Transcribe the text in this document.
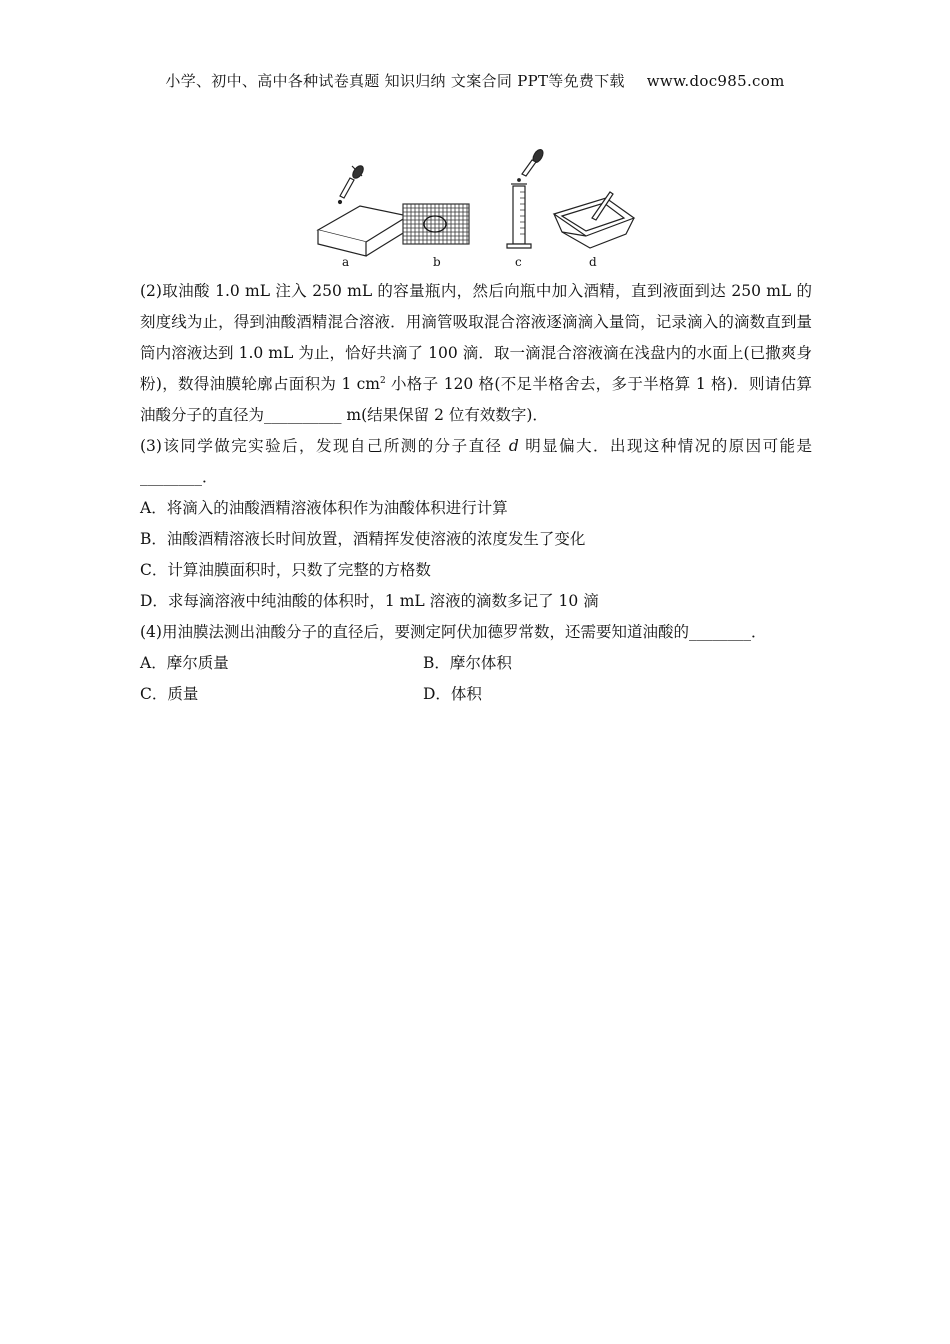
小学、初中、高中各种试卷真题 知识归纳 文案合同 PPT等免费下载 www.doc985.com
a	b	c	d

(2)取油酸 1.0 mL 注入 250 mL 的容量瓶内，然后向瓶中加入酒精，直到液面到达 250 mL 的刻度线为止，得到油酸酒精混合溶液．用滴管吸取混合溶液逐滴滴入量筒，记录滴入的滴数直到量筒内溶液达到 1.0 mL 为止，恰好共滴了 100 滴．取一滴混合溶液滴在浅盘内的水面上(已撒爽身粉)，数得油膜轮廓占面积为 1 $cm^2$ 小格子 120 格(不足半格舍去，多于半格算 1 格)．则请估算油酸分子的直径为__________ m(结果保留 2 位有效数字)．

(3)该同学做完实验后，发现自己所测的分子直径 d 明显偏大．出现这种情况的原因可能是________．

A．将滴入的油酸酒精溶液体积作为油酸体积进行计算

B．油酸酒精溶液长时间放置，酒精挥发使溶液的浓度发生了变化

C．计算油膜面积时，只数了完整的方格数

D．求每滴溶液中纯油酸的体积时，1 mL 溶液的滴数多记了 10 滴

(4)用油膜法测出油酸分子的直径后，要测定阿伏加德罗常数，还需要知道油酸的________．

A．摩尔质量	B．摩尔体积
C．质量	D．体积
